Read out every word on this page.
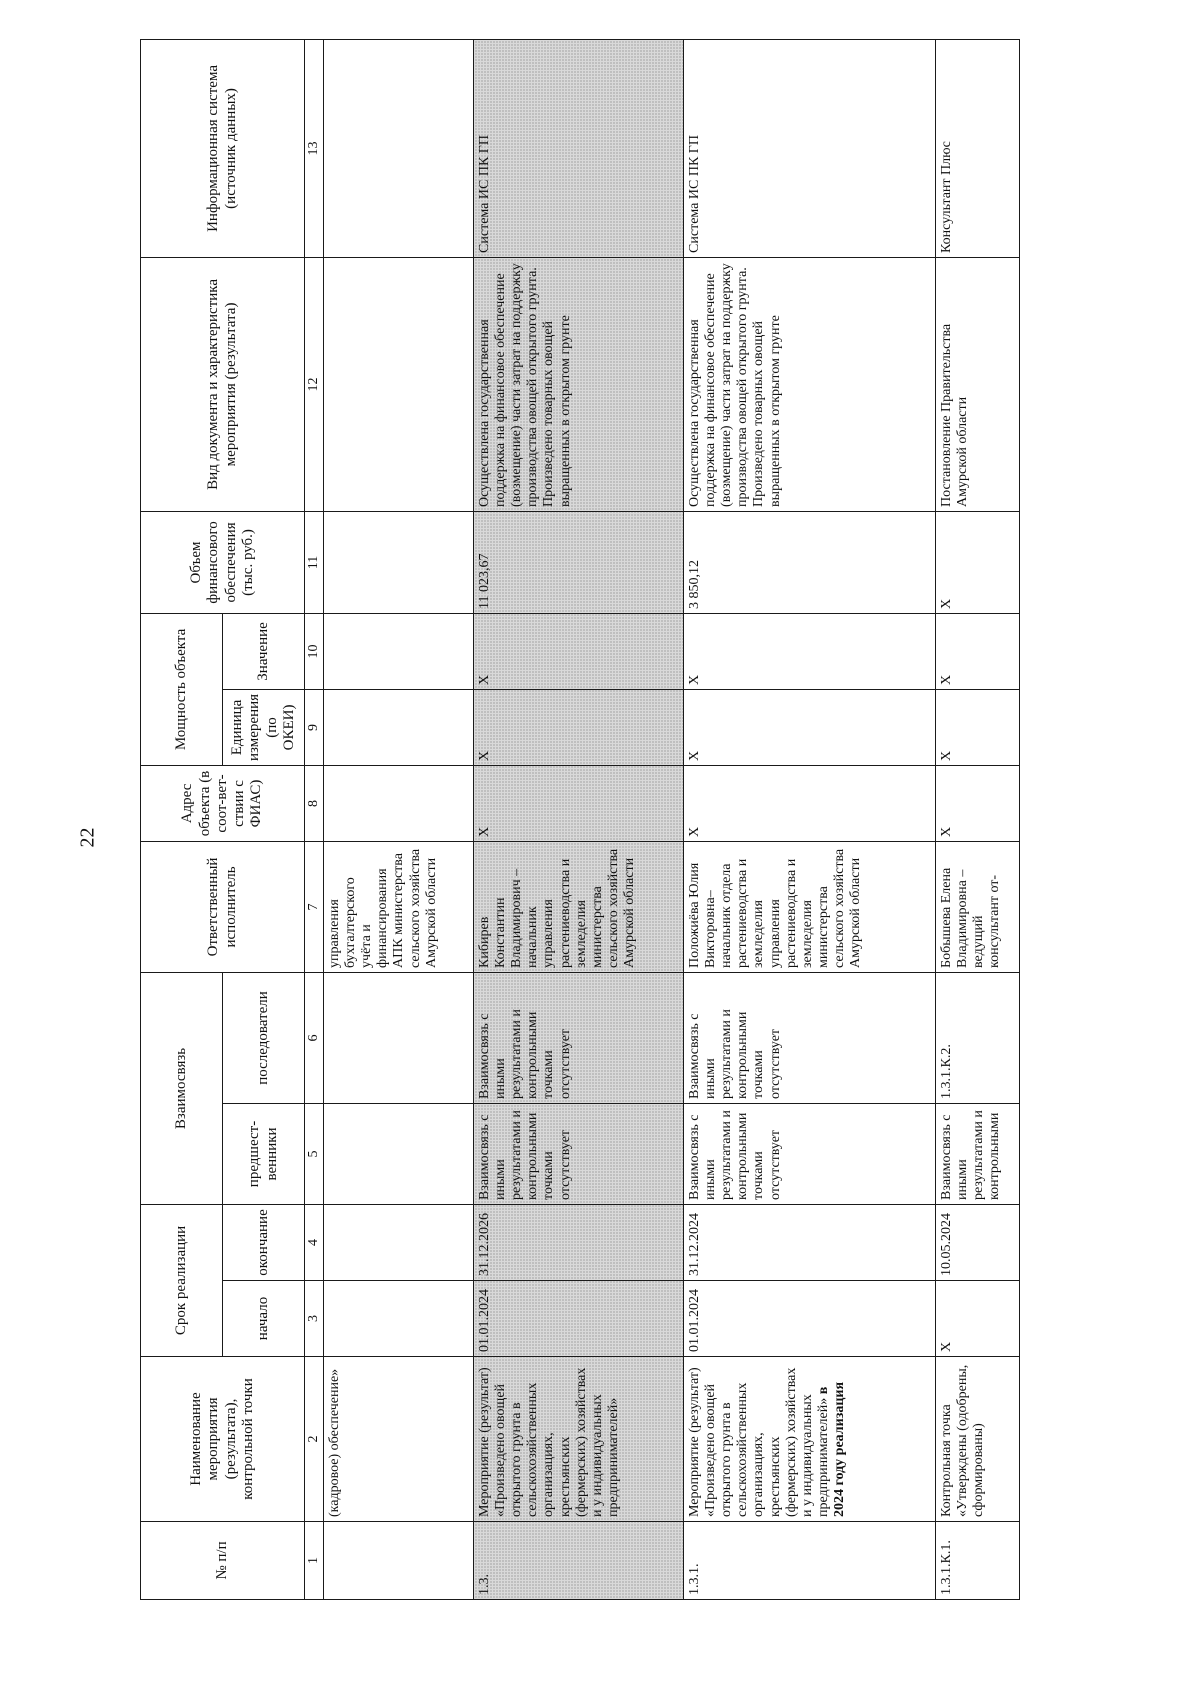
22
№ п/п	Наименование мероприятия (результата), контрольной точки	Срок реализации		Взаимосвязь		Ответственный исполнитель	Адрес объекта (в соот-вет-ствии с ФИАС)	Мощность объекта		Объем финансового обеспечения (тыс. руб.)	Вид документа и характеристика мероприятия (результата)	Информационная система (источник данных)
		начало	окончание	предшест-венники	последователи			Единица измерения (по ОКЕИ)	Значение			
1	2	3	4	5	6	7	8	9	10	11	12	13
	(кадровое) обеспечение»					управления бухгалтерского учёта и финансирования АПК министерства сельского хозяйства Амурской области						
1.3.	Мероприятие (результат) «Произведено овощей открытого грунта в сельскохозяйственных организациях, крестьянских (фермерских) хозяйствах и у индивидуальных предпринимателей»	01.01.2024	31.12.2026	Взаимосвязь с иными результатами и контрольными точками отсутствует	Взаимосвязь с иными результатами и контрольными точками отсутствует	Кибирев Константин Владимирович – начальник управления растениеводства и земледелия министерства сельского хозяйства Амурской области	Х	Х	Х	11 023,67	Осуществлена государственная поддержка на финансовое обеспечение (возмещение) части затрат на поддержку производства овощей открытого грунта. Произведено товарных овощей выращенных в открытом грунте	Система ИС ПК ГП
1.3.1.	Мероприятие (результат) «Произведено овощей открытого грунта в сельскохозяйственных организациях, крестьянских (фермерских) хозяйствах и у индивидуальных предпринимателей» в 2024 году реализация	01.01.2024	31.12.2024	Взаимосвязь с иными результатами и контрольными точками отсутствует	Взаимосвязь с иными результатами и контрольными точками отсутствует	Положиёва Юлия Викторовна– начальник отдела растениеводства и земледелия управления растениеводства и земледелия министерства сельского хозяйства Амурской области	Х	Х	Х	3 850,12	Осуществлена государственная поддержка на финансовое обеспечение (возмещение) части затрат на поддержку производства овощей открытого грунта. Произведено товарных овощей выращенных в открытом грунте	Система ИС ПК ГП
1.3.1.К.1.	Контрольная точка «Утверждены (одобрены, сформированы)	Х	10.05.2024	Взаимосвязь с иными результатами и контрольными	1.3.1.К.2.	Бобышева Елена Владимировна –ведущий консультант от-	Х	Х	Х	Х	Постановление Правительства Амурской области	Консультант Плюс
